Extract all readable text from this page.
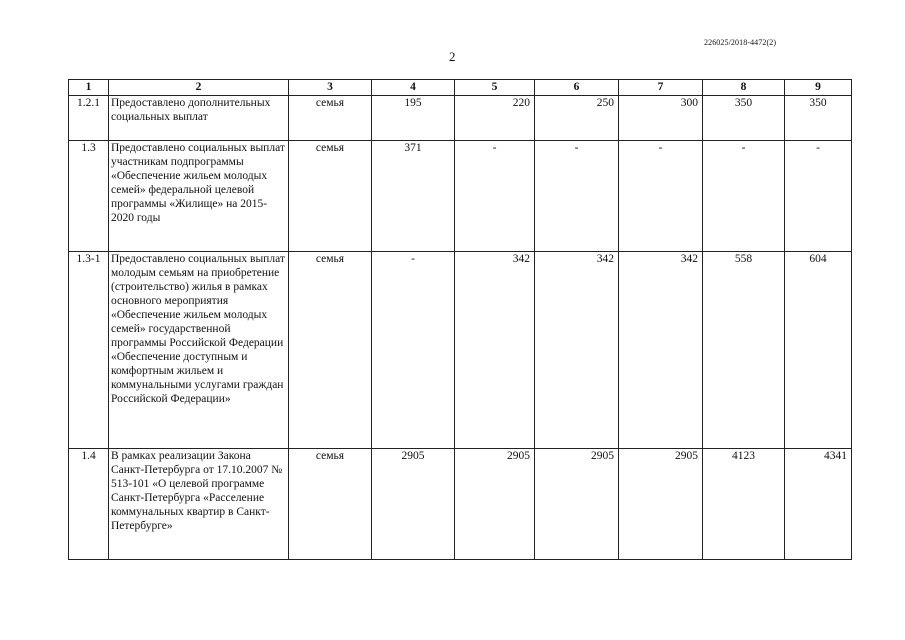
226025/2018-4472(2)
2
1	2	3	4	5	6	7	8	9
1.2.1	Предоставлено дополнительных социальных выплат	семья	195	220	250	300	350	350
1.3	Предоставлено социальных выплат участникам подпрограммы «Обеспечение жильем молодых семей» федеральной целевой программы «Жилище» на 2015-2020 годы	семья	371	-	-	-	-	-
1.3-1	Предоставлено социальных выплат молодым семьям на приобретение (строительство) жилья в рамках основного мероприятия «Обеспечение жильем молодых семей» государственной программы Российской Федерации «Обеспечение доступным и комфортным жильем и коммунальными услугами граждан Российской Федерации»	семья	-	342	342	342	558	604
1.4	В рамках реализации Закона Санкт-Петербурга от 17.10.2007 № 513-101 «О целевой программе Санкт-Петербурга «Расселение коммунальных квартир в Санкт-Петербурге»	семья	2905	2905	2905	2905	4123	4341
